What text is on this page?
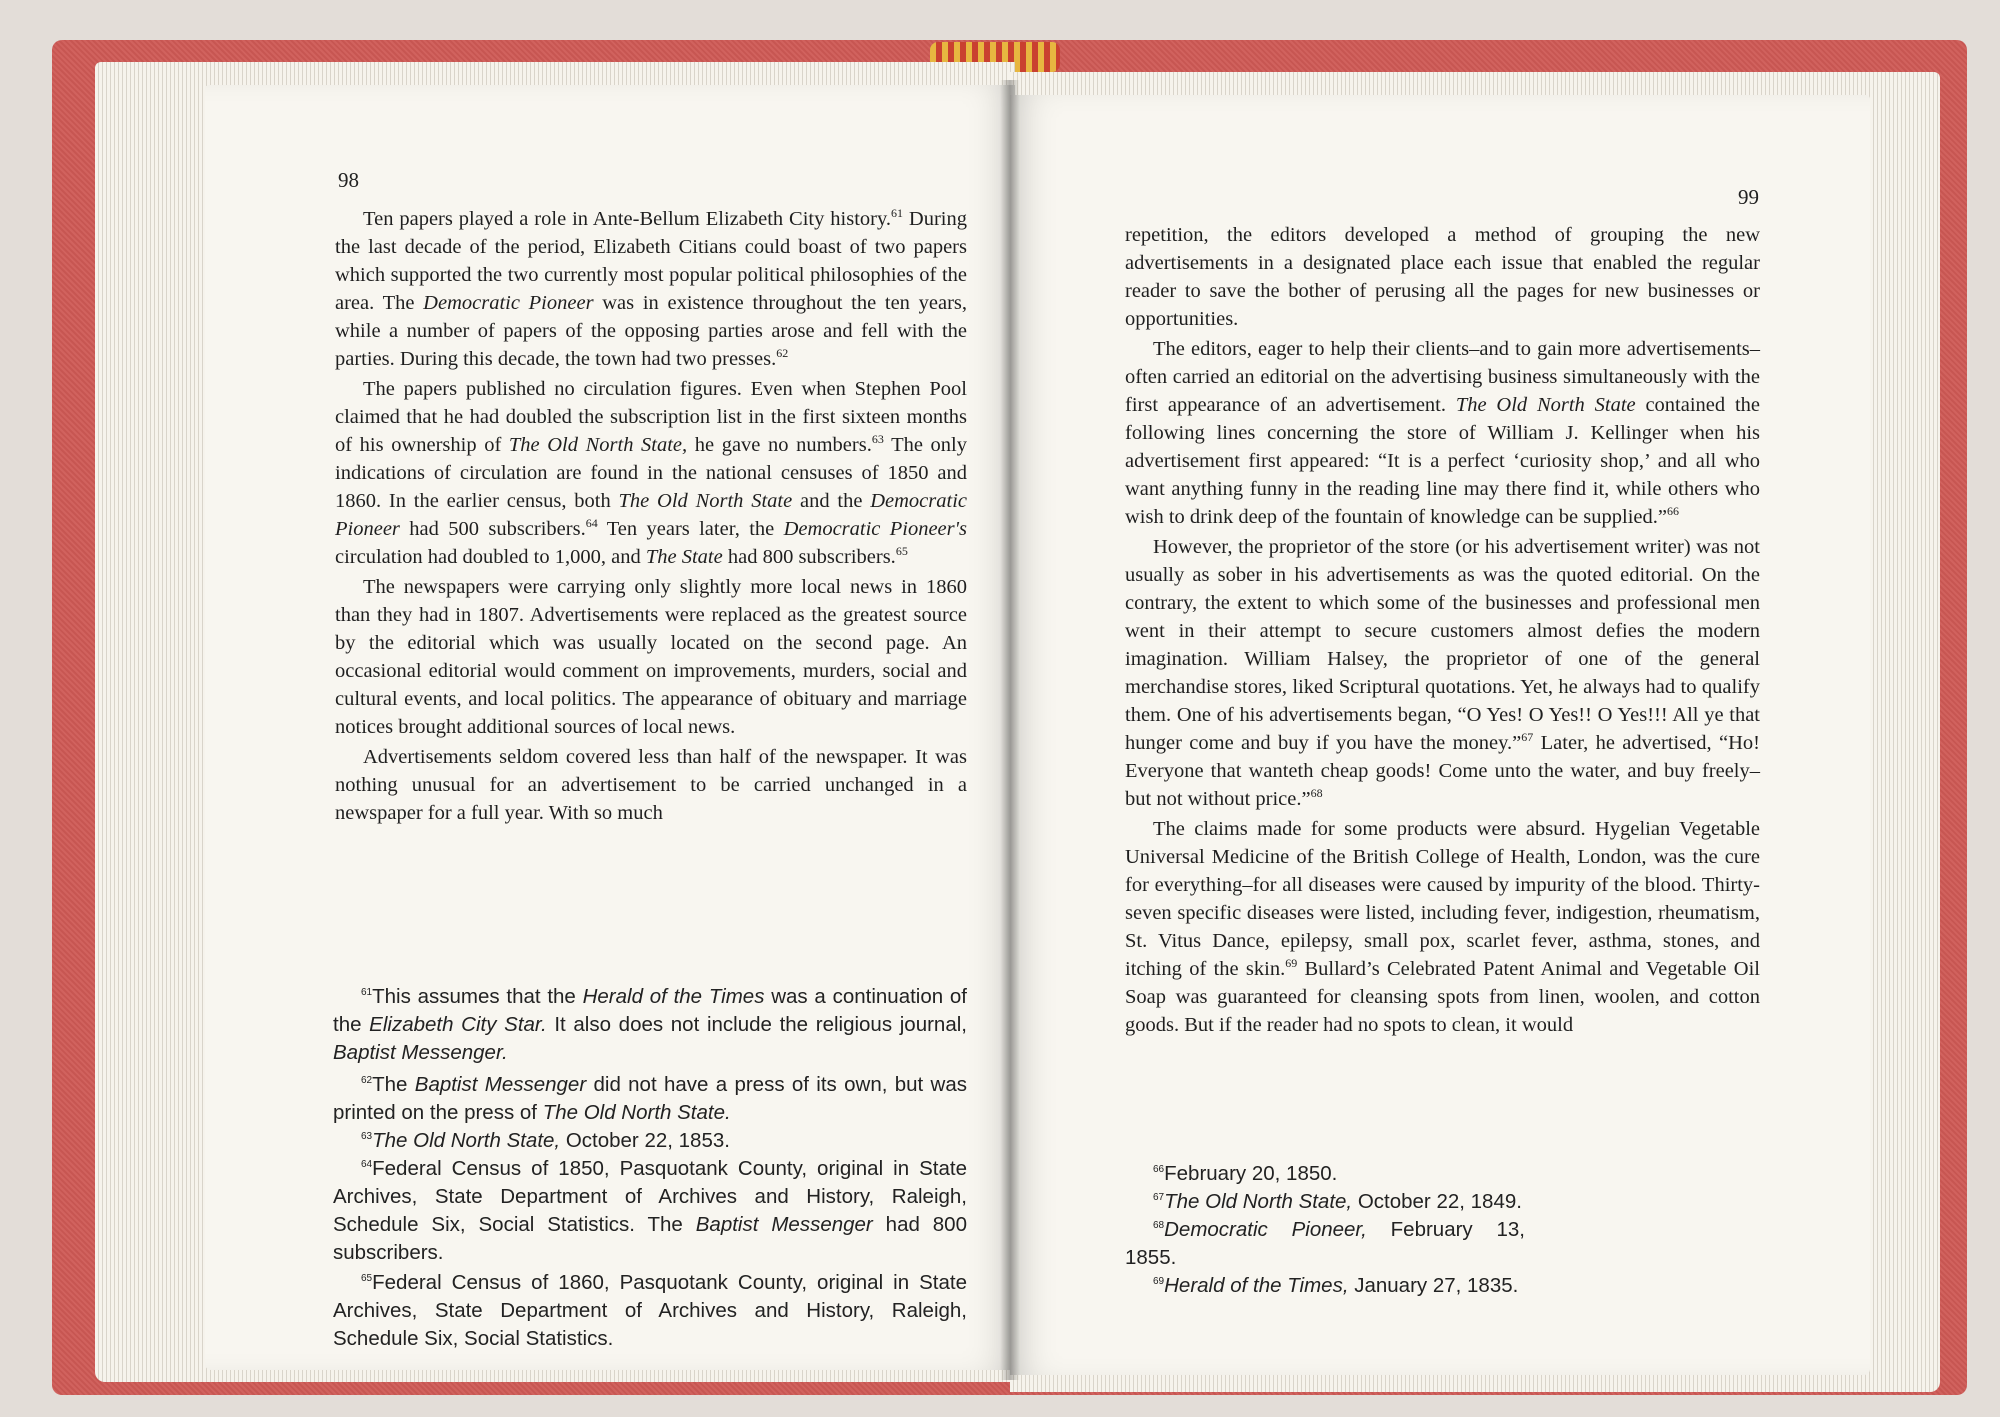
98

Ten papers played a role in Ante-Bellum Elizabeth City history.$^{61}$ During the last decade of the period, Elizabeth Citians could boast of two papers which supported the two currently most popular political philosophies of the area. The Democratic Pioneer was in existence throughout the ten years, while a number of papers of the opposing parties arose and fell with the parties. During this decade, the town had two presses.$^{62}$

The papers published no circulation figures. Even when Stephen Pool claimed that he had doubled the subscription list in the first sixteen months of his ownership of The Old North State, he gave no numbers.$^{63}$ The only indications of circulation are found in the national censuses of 1850 and 1860. In the earlier census, both The Old North State and the Democratic Pioneer had 500 subscribers.$^{64}$ Ten years later, the Democratic Pioneer's circulation had doubled to 1,000, and The State had 800 subscribers.$^{65}$

The newspapers were carrying only slightly more local news in 1860 than they had in 1807. Advertisements were replaced as the greatest source by the editorial which was usually located on the second page. An occasional editorial would comment on improvements, murders, social and cultural events, and local politics. The appearance of obituary and marriage notices brought additional sources of local news.

Advertisements seldom covered less than half of the newspaper. It was nothing unusual for an advertisement to be carried unchanged in a newspaper for a full year. With so much

$^{61}$This assumes that the Herald of the Times was a continuation of the Elizabeth City Star. It also does not include the religious journal, Baptist Messenger.

$^{62}$The Baptist Messenger did not have a press of its own, but was printed on the press of The Old North State.

$^{63}$The Old North State, October 22, 1853.

$^{64}$Federal Census of 1850, Pasquotank County, original in State Archives, State Department of Archives and History, Raleigh, Schedule Six, Social Statistics. The Baptist Messenger had 800 subscribers.

$^{65}$Federal Census of 1860, Pasquotank County, original in State Archives, State Department of Archives and History, Raleigh, Schedule Six, Social Statistics.

99

repetition, the editors developed a method of grouping the new advertisements in a designated place each issue that enabled the regular reader to save the bother of perusing all the pages for new businesses or opportunities.

The editors, eager to help their clients–and to gain more advertisements–often carried an editorial on the advertising business simultaneously with the first appearance of an advertisement. The Old North State contained the following lines concerning the store of William J. Kellinger when his advertisement first appeared: “It is a perfect ‘curiosity shop,’ and all who want anything funny in the reading line may there find it, while others who wish to drink deep of the fountain of knowledge can be supplied.”$^{66}$

However, the proprietor of the store (or his advertisement writer) was not usually as sober in his advertisements as was the quoted editorial. On the contrary, the extent to which some of the businesses and professional men went in their attempt to secure customers almost defies the modern imagination. William Halsey, the proprietor of one of the general merchandise stores, liked Scriptural quotations. Yet, he always had to qualify them. One of his advertisements began, “O Yes! O Yes!! O Yes!!! All ye that hunger come and buy if you have the money.”$^{67}$ Later, he advertised, “Ho! Everyone that wanteth cheap goods! Come unto the water, and buy freely–but not without price.”$^{68}$

The claims made for some products were absurd. Hygelian Vegetable Universal Medicine of the British College of Health, London, was the cure for everything–for all diseases were caused by impurity of the blood. Thirty-seven specific diseases were listed, including fever, indigestion, rheumatism, St. Vitus Dance, epilepsy, small pox, scarlet fever, asthma, stones, and itching of the skin.$^{69}$ Bullard’s Celebrated Patent Animal and Vegetable Oil Soap was guaranteed for cleansing spots from linen, woolen, and cotton goods. But if the reader had no spots to clean, it would

$^{66}$February 20, 1850.

$^{67}$The Old North State, October 22, 1849.

$^{68}$Democratic Pioneer, February 13, 1855.

$^{69}$Herald of the Times, January 27, 1835.
